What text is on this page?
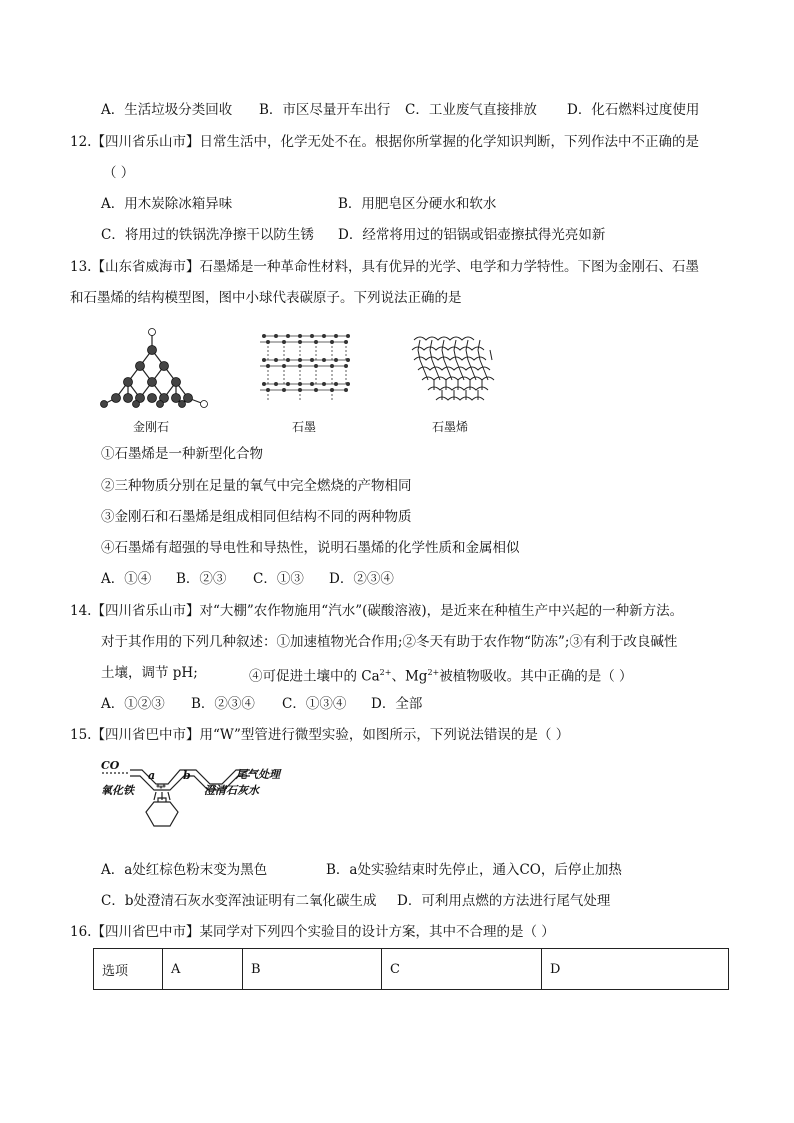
A．生活垃圾分类回收 B．市区尽量开车出行 C．工业废气直接排放 D．化石燃料过度使用
12.【四川省乐山市】日常生活中，化学无处不在。根据你所掌握的化学知识判断，下列作法中不正确的是
（ ）
A．用木炭除冰箱异味	B．用肥皂区分硬水和软水
C．将用过的铁锅洗净擦干以防生锈 D．经常将用过的铝锅或铝壶擦拭得光亮如新
13.【山东省威海市】石墨烯是一种革命性材料，具有优异的光学、电学和力学特性。下图为金刚石、石墨
和石墨烯的结构模型图，图中小球代表碳原子。下列说法正确的是
金刚石	石墨	石墨烯
①石墨烯是一种新型化合物
②三种物质分别在足量的氧气中完全燃烧的产物相同
③金刚石和石墨烯是组成相同但结构不同的两种物质
④石墨烯有超强的导电性和导热性，说明石墨烯的化学性质和金属相似
A．①④ B．②③ C．①③ D．②③④
14.【四川省乐山市】对“大棚”农作物施用“汽水”(碳酸溶液)，是近来在种植生产中兴起的一种新方法。
对于其作用的下列几种叙述：①加速植物光合作用;②冬天有助于农作物“防冻”;③有利于改良碱性
土壤，调节 pH;	④可促进土壤中的 $Ca^{2+}$、$Mg^{2+}$被植物吸收。其中正确的是（ ）
A．①②③ B．②③④ C．①③④ D．全部
15.【四川省巴中市】用“W”型管进行微型实验，如图所示，下列说法错误的是（ ）
CO
a	b	尾气处理
氧化铁	澄清石灰水
A．a处红棕色粉末变为黑色	B．a处实验结束时先停止，通入CO，后停止加热
C．b处澄清石灰水变浑浊证明有二氧化碳生成 D．可利用点燃的方法进行尾气处理
16.【四川省巴中市】某同学对下列四个实验目的设计方案，其中不合理的是（ ）
选项	A	B	C	D
